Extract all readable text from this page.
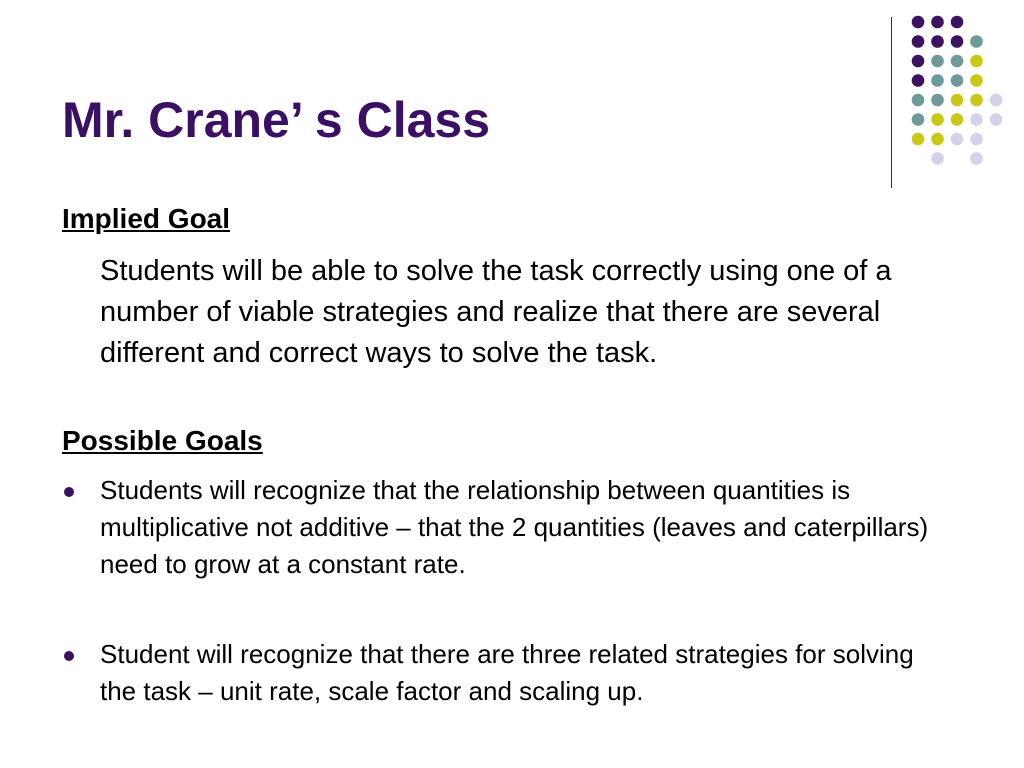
Mr. Crane’ s Class
Implied Goal

Students will be able to solve the task correctly using one of a number of viable strategies and realize that there are several different and correct ways to solve the task.

Possible Goals
Students will recognize that the relationship between quantities is multiplicative not additive – that the 2 quantities (leaves and caterpillars) need to grow at a constant rate.
Student will recognize that there are three related strategies for solving the task – unit rate, scale factor and scaling up.
